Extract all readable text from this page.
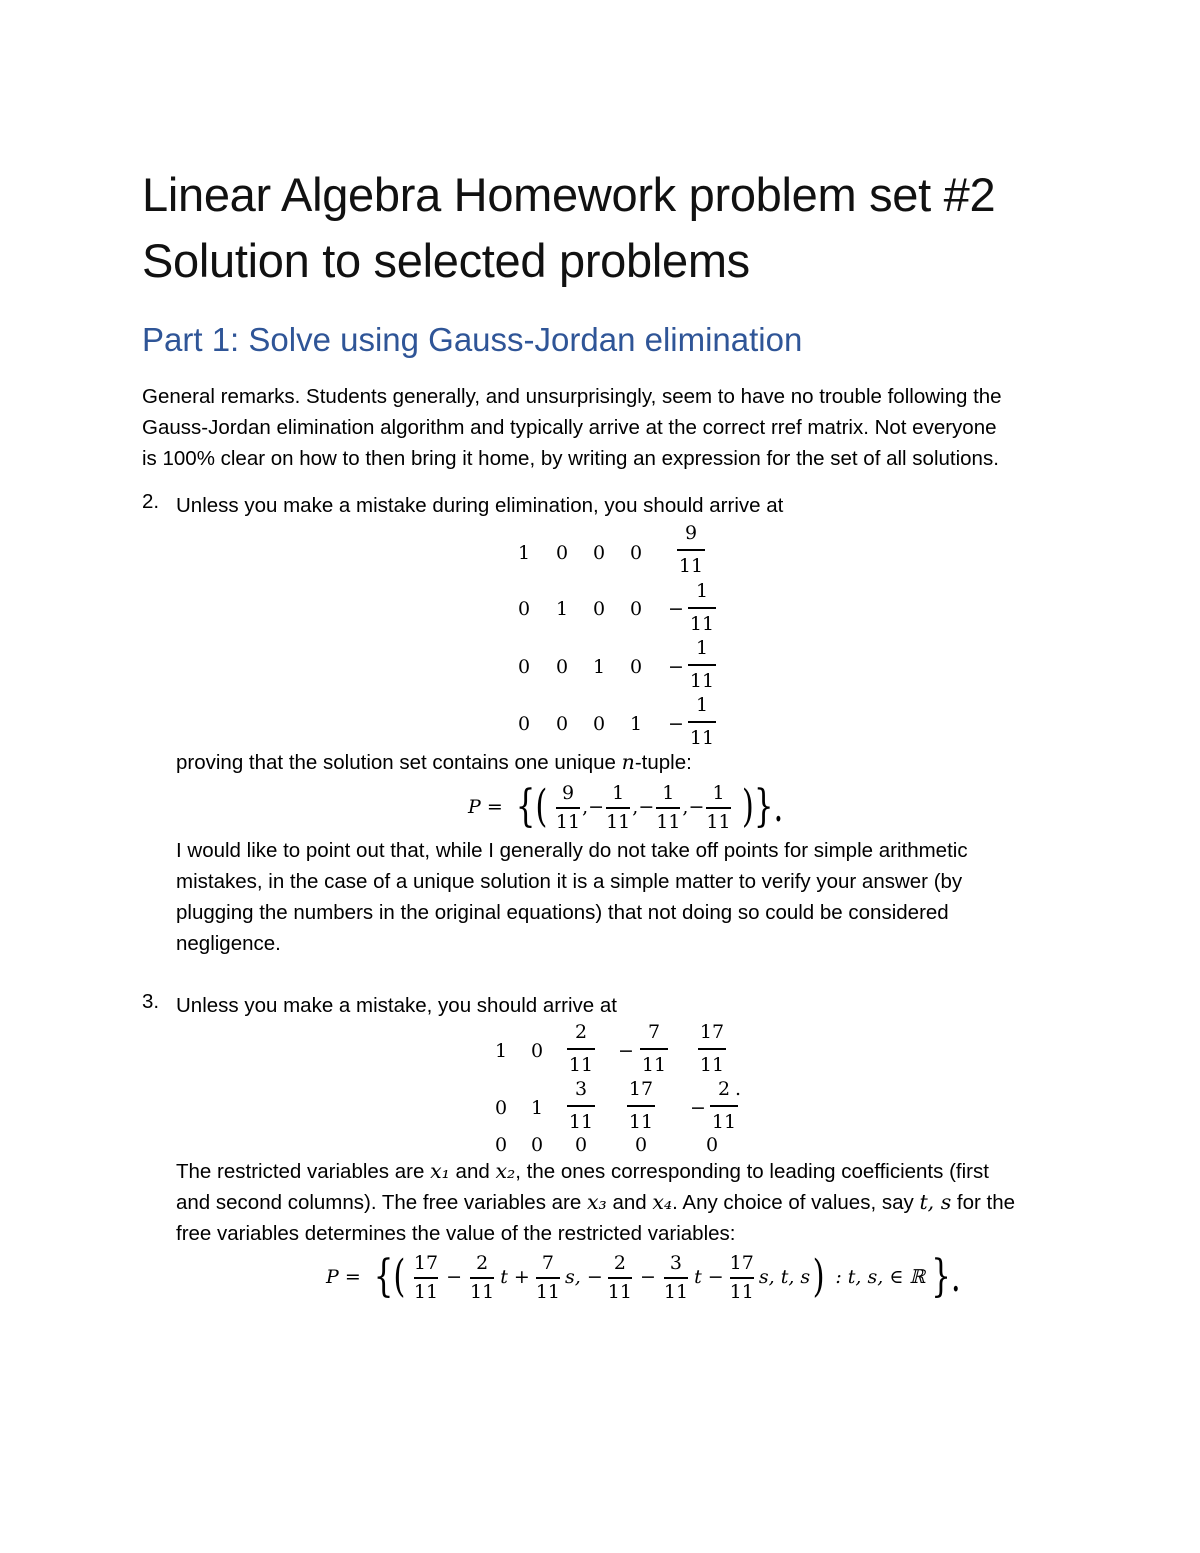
Linear Algebra Homework problem set #2
Solution to selected problems
Part 1: Solve using Gauss-Jordan elimination
General remarks. Students generally, and unsurprisingly, seem to have no trouble following the
Gauss-Jordan elimination algorithm and typically arrive at the correct rref matrix. Not everyone
is 100% clear on how to then bring it home, by writing an expression for the set of all solutions.
2. Unless you make a mistake during elimination, you should arrive at
1 0 0 0
9
11
0 1 0 0 −
1
11
0 0 1 0 −
1
11
0 0 0 1 −
1
11
proving that the solution set contains one unique n-tuple:
P = {( 9
11
, −
1
11
, −
1
11
, −
1
11 )}.
I would like to point out that, while I generally do not take off points for simple arithmetic
mistakes, in the case of a unique solution it is a simple matter to verify your answer (by
plugging the numbers in the original equations) that not doing so could be considered
negligence.
3. Unless you make a mistake, you should arrive at
1 0
2
11
−
7
11
17
11
0 1
3
11
17
11
−
2
11
.
0 0 0	0	0
The restricted variables are x₁ and x₂, the ones corresponding to leading coefficients (first
and second columns). The free variables are x₃ and x₄. Any choice of values, say t, s for the
free variables determines the value of the restricted variables:
P = {( 17
11
−
2
11
t +
7
11
s, −
2
11
−
3
11
t −
17
11
s, t, s ) : t, s, ∈ ℝ }.
